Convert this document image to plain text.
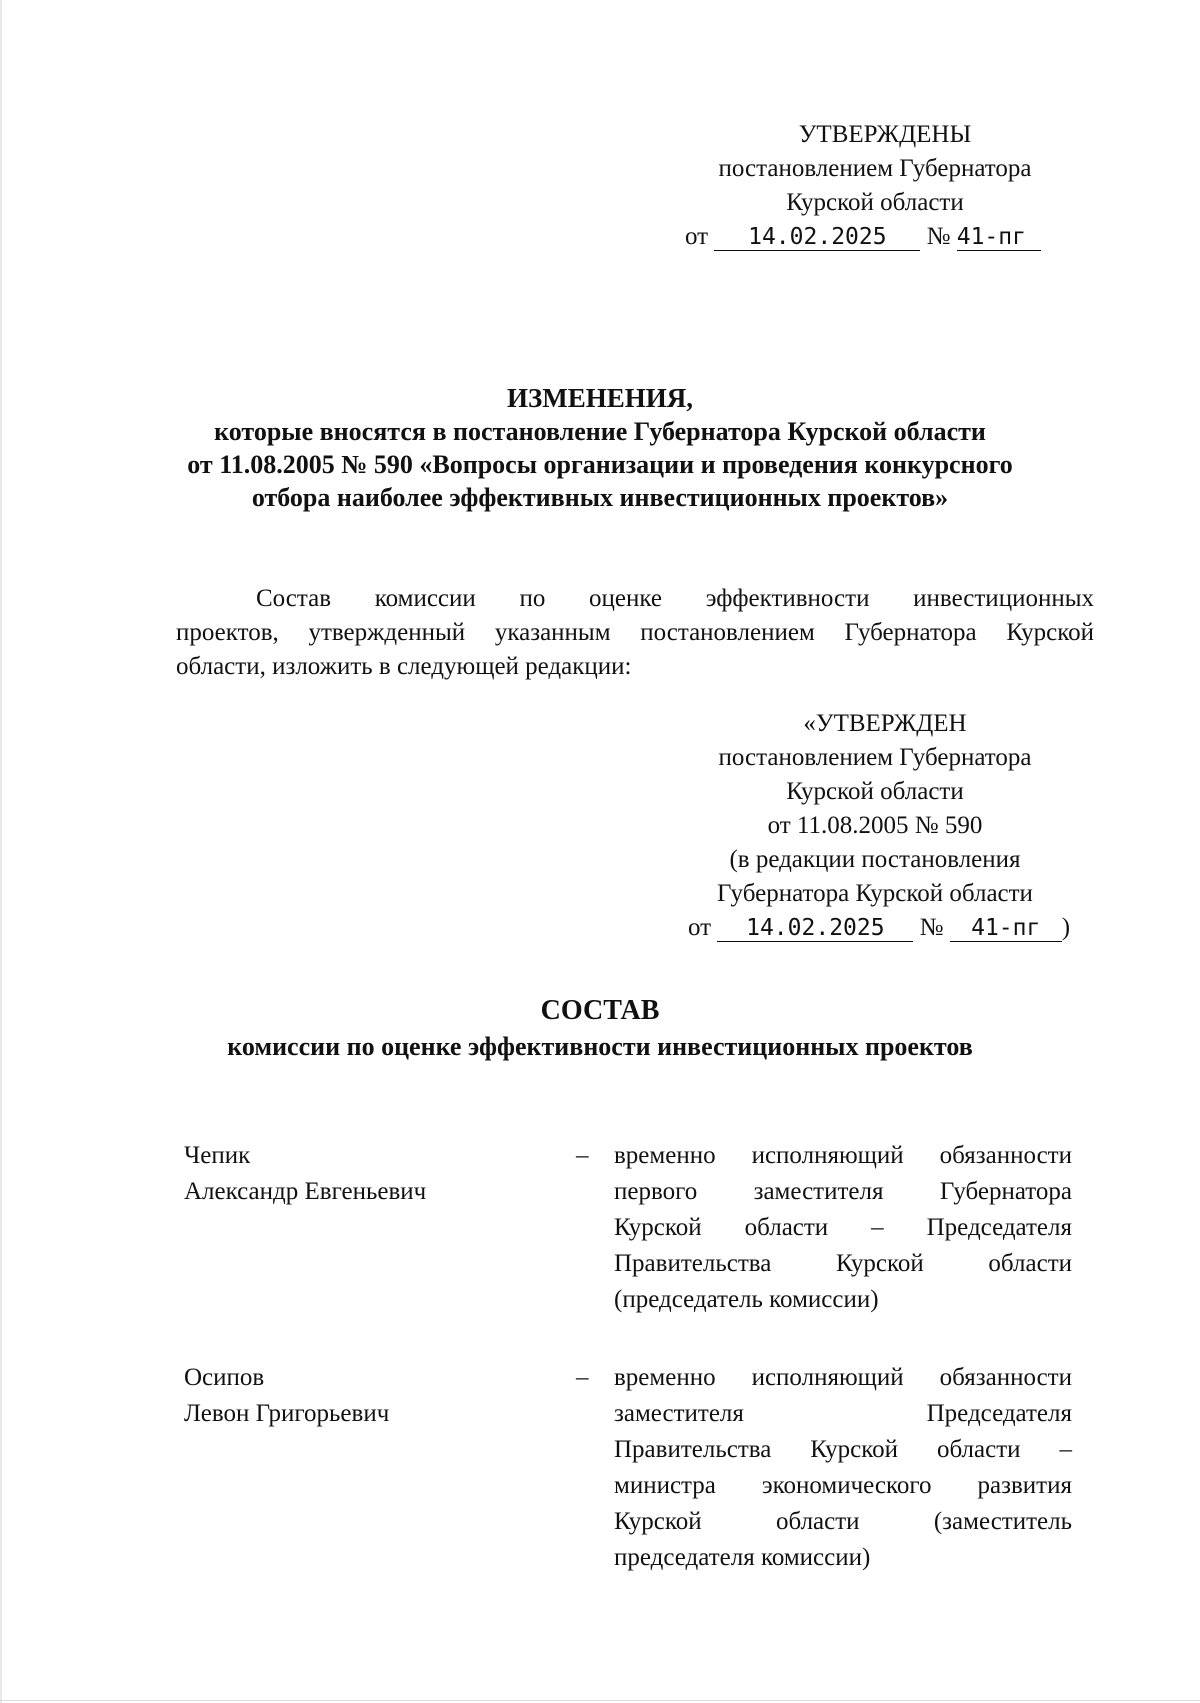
УТВЕРЖДЕНЫ
постановлением Губернатора
Курской области
от 14.02.2025 № 41-пг
ИЗМЕНЕНИЯ,
которые вносятся в постановление Губернатора Курской области
от 11.08.2005 № 590 «Вопросы организации и проведения конкурсного
отбора наиболее эффективных инвестиционных проектов»
Состав комиссии по оценке эффективности инвестиционных
проектов, утвержденный указанным постановлением Губернатора Курской
области, изложить в следующей редакции:
«УТВЕРЖДЕН
постановлением Губернатора
Курской области
от 11.08.2005 № 590
(в редакции постановления
Губернатора Курской области
от 14.02.2025 № 41-пг )
СОСТАВ
комиссии по оценке эффективности инвестиционных проектов
Чепик
Александр Евгеньевич
– временно исполняющий обязанности
первого заместителя Губернатора
Курской области – Председателя
Правительства Курской области
(председатель комиссии)
Осипов
Левон Григорьевич
– временно исполняющий обязанности
заместителя Председателя
Правительства Курской области –
министра экономического развития
Курской области (заместитель
председателя комиссии)
